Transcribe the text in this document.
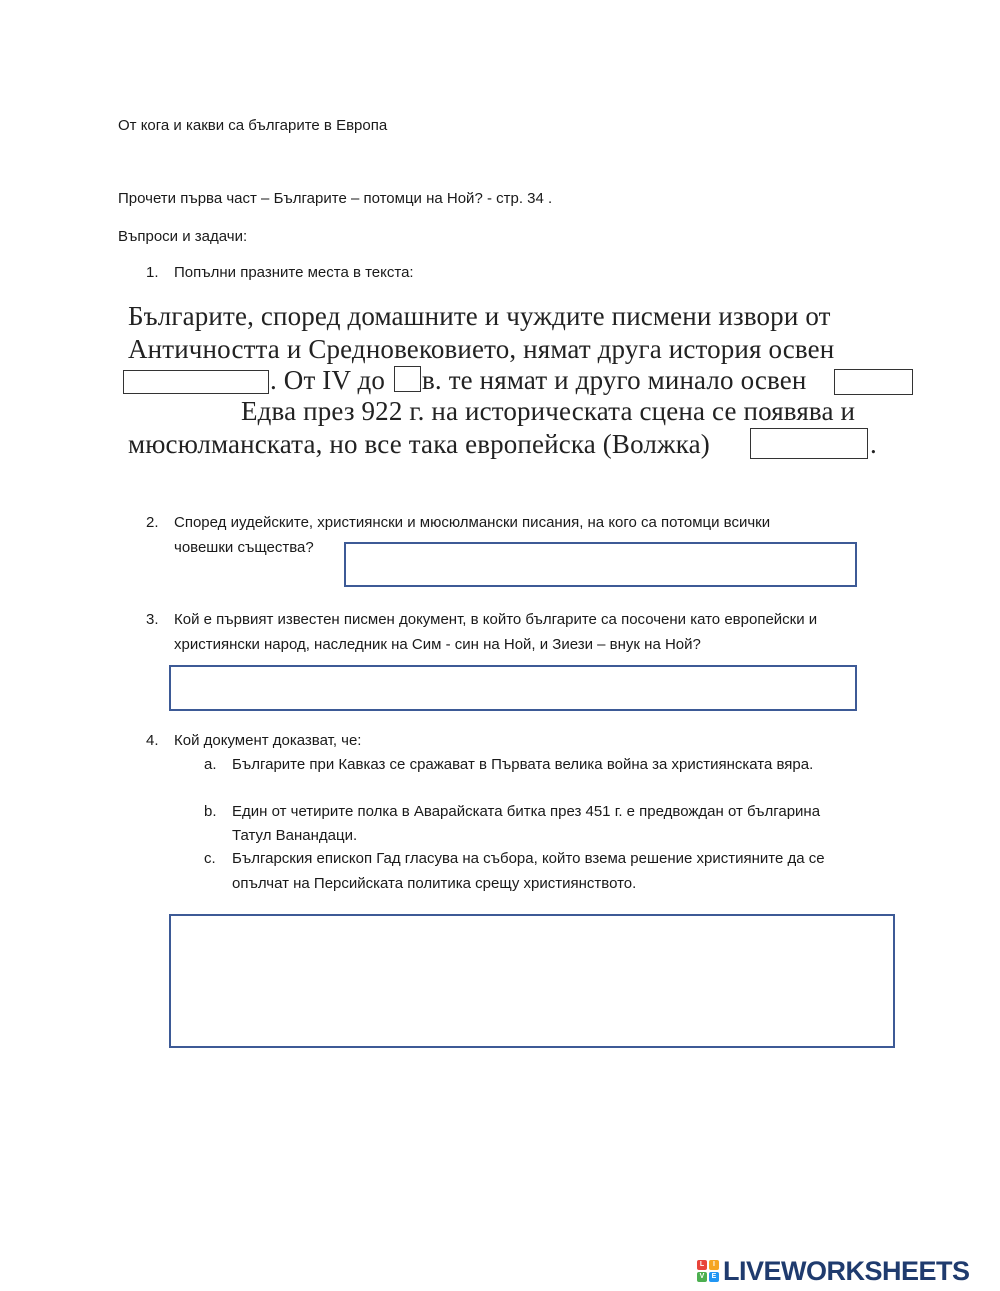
От кога и какви са българите в Европа
Прочети първа част – Българите – потомци на Ной? - стр. 34 .
Въпроси и задачи:
1. Попълни празните места в текста:
Българите, според домашните и чуждите писмени извори от
Античността и Средновековието, нямат друга история освен
. От IV до в. те нямат и друго минало освен
Едва през 922 г. на историческата сцена се появява и
мюсюлманската, но все така европейска (Волжка)	.
2. Според иудейските, християнски и мюсюлмански писания, на кого са потомци всички
човешки същества?
3. Кой е първият известен писмен документ, в който българите са посочени като европейски и
християнски народ, наследник на Сим - син на Ной, и Зиези – внук на Ной?
4. Кой документ доказват, че:
a. Българите при Кавказ се сражават в Първата велика война за християнската вяра.
b. Един от четирите полка в Аварайската битка през 451 г. е предвождан от българина
Татул Ванандаци.
c. Българския епископ Гад гласува на събора, който взема решение християните да се
опълчат на Персийската политика срещу християнството.
L	I
V	E LIVEWORKSHEETS
